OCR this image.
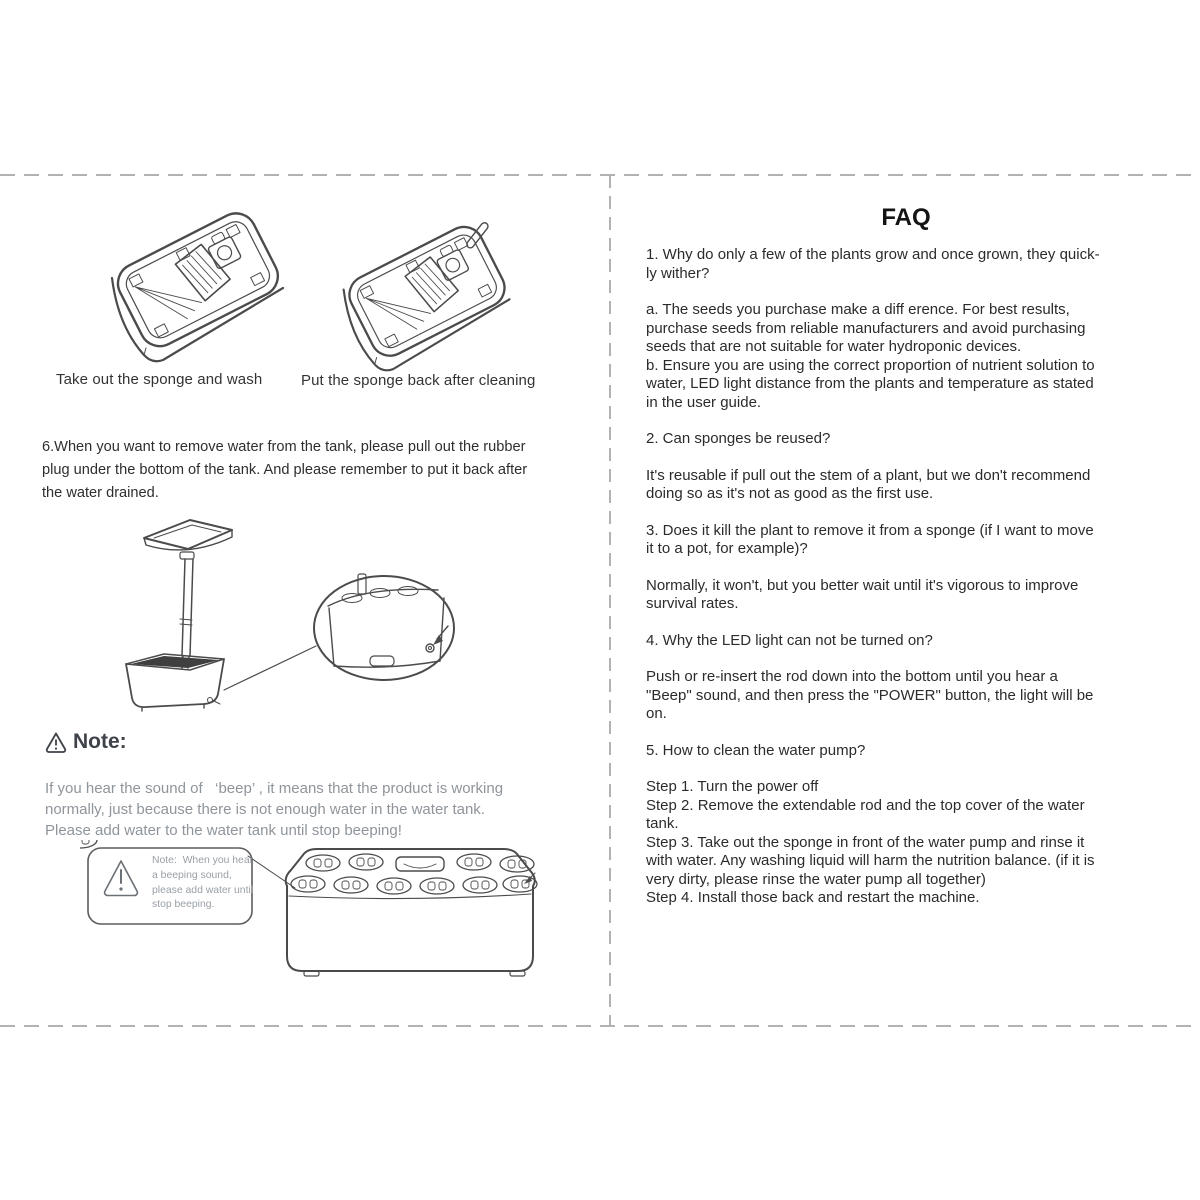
Take out the sponge and wash	Put the sponge back after cleaning

6.When you want to remove water from the tank, please pull out the rubber
plug under the bottom of the tank. And please remember to put it back after
the water drained.

Note:

If you hear the sound of   ‘beep’ , it means that the product is working
normally, just because there is not enough water in the water tank.
Please add water to the water tank until stop beeping!

Note:  When you hear
a beeping sound,
please add water until
stop beeping.
FAQ

1. Why do only a few of the plants grow and once grown, they quick-
ly wither?

a. The seeds you purchase make a diff erence. For best results,
purchase seeds from reliable manufacturers and avoid purchasing
seeds that are not suitable for water hydroponic devices.
b. Ensure you are using the correct proportion of nutrient solution to
water, LED light distance from the plants and temperature as stated
in the user guide.

2. Can sponges be reused?

It's reusable if pull out the stem of a plant, but we don't recommend
doing so as it's not as good as the first use.

3. Does it kill the plant to remove it from a sponge (if I want to move
it to a pot, for example)?

Normally, it won't, but you better wait until it's vigorous to improve
survival rates.

4. Why the LED light can not be turned on?

Push or re-insert the rod down into the bottom until you hear a
"Beep" sound, and then press the "POWER" button, the light will be
on.

5. How to clean the water pump?

Step 1. Turn the power off
Step 2. Remove the extendable rod and the top cover of the water
tank.
Step 3. Take out the sponge in front of the water pump and rinse it
with water. Any washing liquid will harm the nutrition balance. (if it is
very dirty, please rinse the water pump all together)
Step 4. Install those back and restart the machine.
